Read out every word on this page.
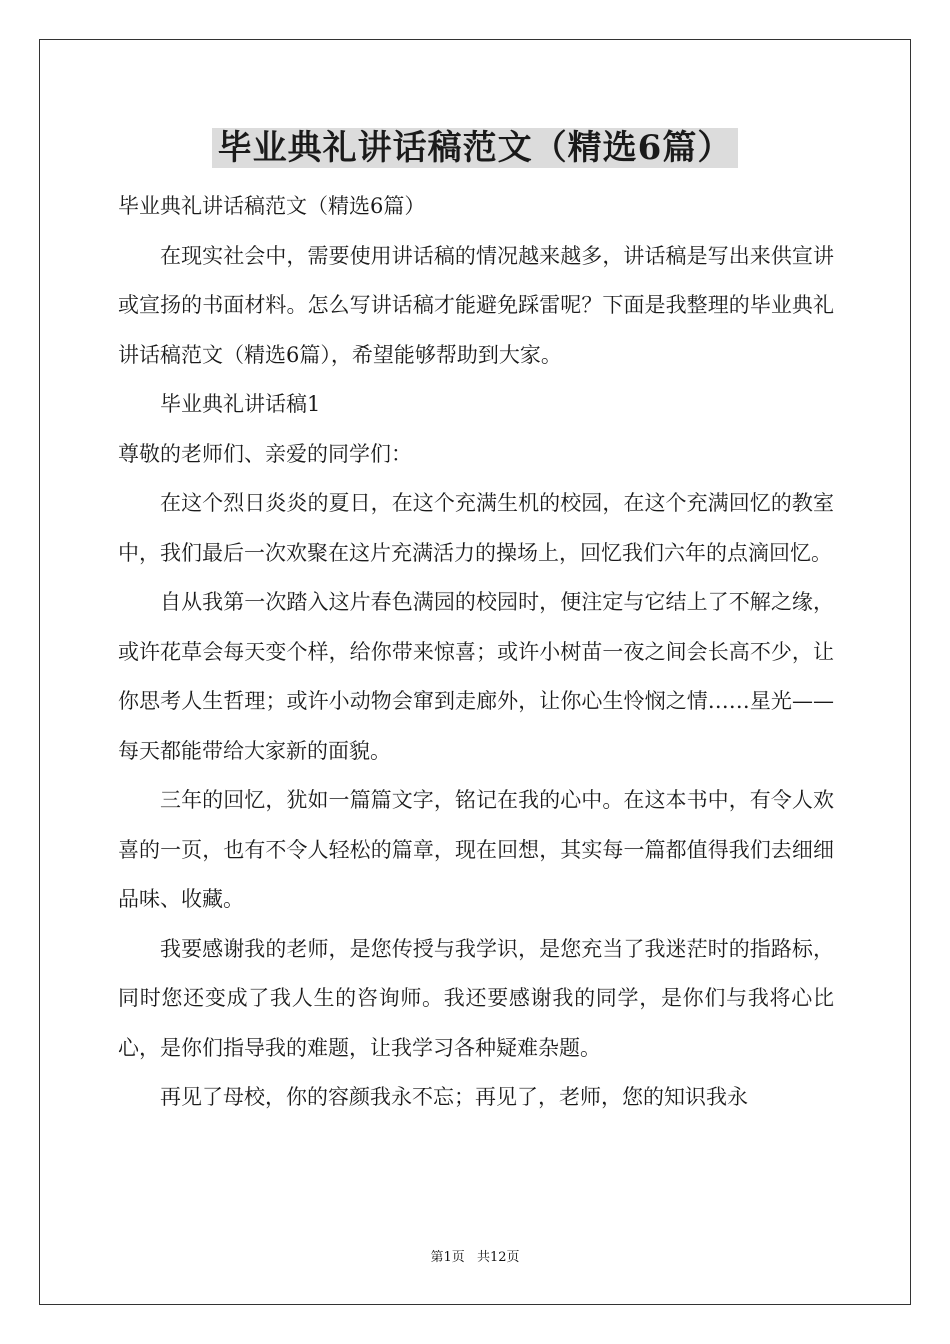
毕业典礼讲话稿范文（精选6篇）

毕业典礼讲话稿范文（精选6篇）

在现实社会中，需要使用讲话稿的情况越来越多，讲话稿是写出来供宣讲或宣扬的书面材料。怎么写讲话稿才能避免踩雷呢？下面是我整理的毕业典礼讲话稿范文（精选6篇），希望能够帮助到大家。

毕业典礼讲话稿1

尊敬的老师们、亲爱的同学们：

在这个烈日炎炎的夏日，在这个充满生机的校园，在这个充满回忆的教室中，我们最后一次欢聚在这片充满活力的操场上，回忆我们六年的点滴回忆。

自从我第一次踏入这片春色满园的校园时，便注定与它结上了不解之缘，或许花草会每天变个样，给你带来惊喜；或许小树苗一夜之间会长高不少，让你思考人生哲理；或许小动物会窜到走廊外，让你心生怜悯之情……星光——每天都能带给大家新的面貌。

三年的回忆，犹如一篇篇文字，铭记在我的心中。在这本书中，有令人欢喜的一页，也有不令人轻松的篇章，现在回想，其实每一篇都值得我们去细细品味、收藏。

我要感谢我的老师，是您传授与我学识，是您充当了我迷茫时的指路标，同时您还变成了我人生的咨询师。我还要感谢我的同学，是你们与我将心比心，是你们指导我的难题，让我学习各种疑难杂题。

再见了母校，你的容颜我永不忘；再见了，老师，您的知识我永

第1页 共12页
